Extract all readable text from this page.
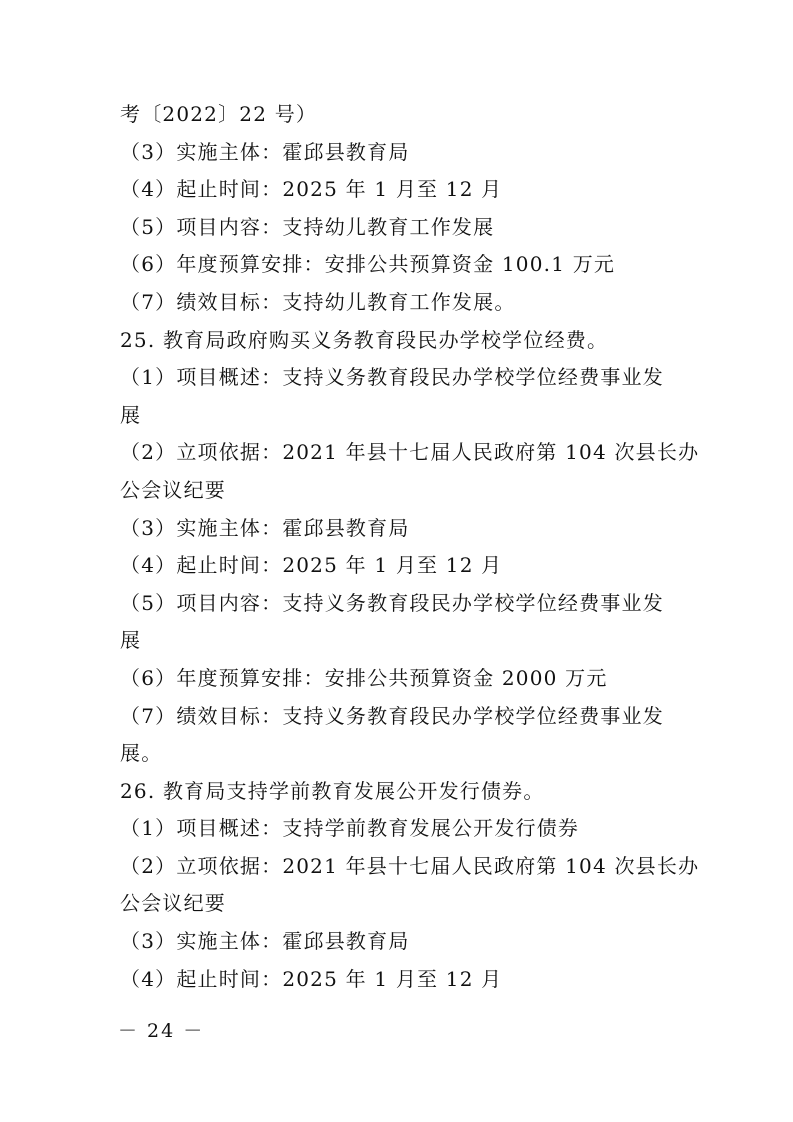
考〔2022〕22 号）
（3）实施主体：霍邱县教育局
（4）起止时间：2025 年 1 月至 12 月
（5）项目内容：支持幼儿教育工作发展
（6）年度预算安排：安排公共预算资金 100.1 万元
（7）绩效目标：支持幼儿教育工作发展。
25. 教育局政府购买义务教育段民办学校学位经费。
（1）项目概述：支持义务教育段民办学校学位经费事业发
展
（2）立项依据：2021 年县十七届人民政府第 104 次县长办
公会议纪要
（3）实施主体：霍邱县教育局
（4）起止时间：2025 年 1 月至 12 月
（5）项目内容：支持义务教育段民办学校学位经费事业发
展
（6）年度预算安排：安排公共预算资金 2000 万元
（7）绩效目标：支持义务教育段民办学校学位经费事业发
展。
26. 教育局支持学前教育发展公开发行债券。
（1）项目概述：支持学前教育发展公开发行债券
（2）立项依据：2021 年县十七届人民政府第 104 次县长办
公会议纪要
（3）实施主体：霍邱县教育局
（4）起止时间：2025 年 1 月至 12 月
－ 24 －
